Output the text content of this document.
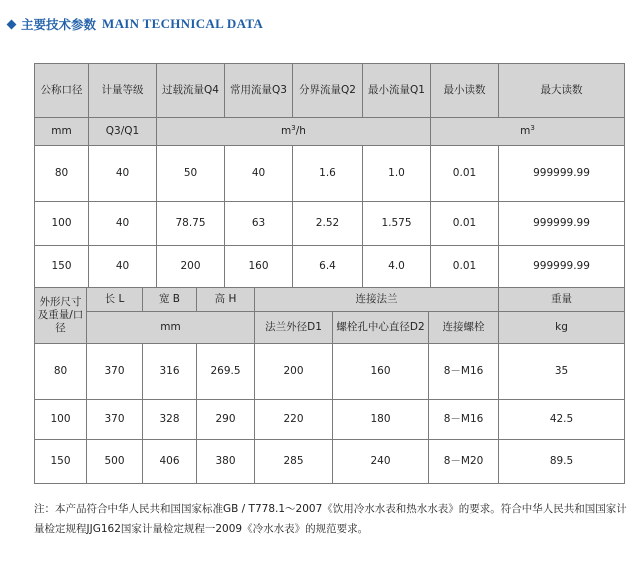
主要技术参数 MAIN TECHNICAL DATA
公称口径	计量等级	过载流量Q4	常用流量Q3	分界流量Q2	最小流量Q1	最小读数	最大读数
mm	Q3/Q1	$m^3/h$				$m^3$
80	40	50	40	1.6	1.0	0.01	999999.99
100	40	78.75	63	2.52	1.575	0.01	999999.99
150	40	200	160	6.4	4.0	0.01	999999.99
外形尺寸及重量/口径	长 L	宽 B	高 H	连接法兰			重量
	mm			法兰外径D1	螺栓孔中心直径D2	连接螺栓	kg
80	370	316	269.5	200	160	8－M16	35
100	370	328	290	220	180	8－M16	42.5
150	500	406	380	285	240	8－M20	89.5
注：本产品符合中华人民共和国国家标准GB / T778.1～2007《饮用冷水水表和热水水表》的要求。符合中华人民共和国国家计量检定规程JJG162国家计量检定规程一2009《冷水水表》的规范要求。
